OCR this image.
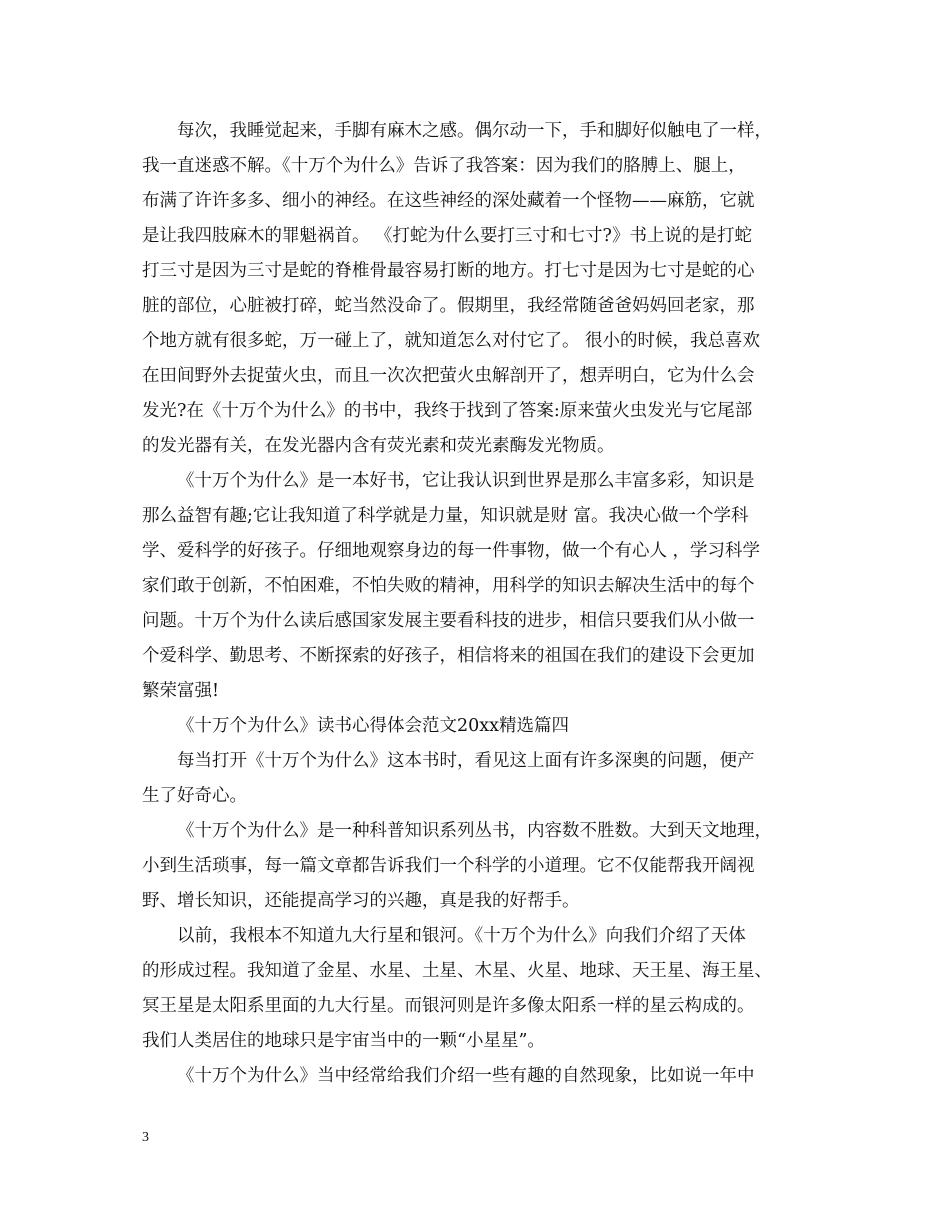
每次，我睡觉起来，手脚有麻木之感。偶尔动一下，手和脚好似触电了一样，

我一直迷惑不解。《十万个为什么》告诉了我答案：因为我们的胳膊上、腿上，

布满了许许多多、细小的神经。在这些神经的深处藏着一个怪物——麻筋，它就

是让我四肢麻木的罪魁祸首。 《打蛇为什么要打三寸和七寸?》书上说的是打蛇

打三寸是因为三寸是蛇的脊椎骨最容易打断的地方。打七寸是因为七寸是蛇的心

脏的部位，心脏被打碎，蛇当然没命了。假期里，我经常随爸爸妈妈回老家，那

个地方就有很多蛇，万一碰上了，就知道怎么对付它了。 很小的时候，我总喜欢

在田间野外去捉萤火虫，而且一次次把萤火虫解剖开了，想弄明白，它为什么会

发光?在《十万个为什么》的书中，我终于找到了答案:原来萤火虫发光与它尾部

的发光器有关，在发光器内含有荧光素和荧光素酶发光物质。

《十万个为什么》是一本好书，它让我认识到世界是那么丰富多彩，知识是

那么益智有趣;它让我知道了科学就是力量，知识就是财 富。我决心做一个学科

学、爱科学的好孩子。仔细地观察身边的每一件事物，做一个有心人 ，学习科学

家们敢于创新，不怕困难，不怕失败的精神，用科学的知识去解决生活中的每个

问题。十万个为什么读后感国家发展主要看科技的进步，相信只要我们从小做一

个爱科学、勤思考、不断探索的好孩子，相信将来的祖国在我们的建设下会更加

繁荣富强!

《十万个为什么》读书心得体会范文20xx精选篇四

每当打开《十万个为什么》这本书时，看见这上面有许多深奥的问题，便产

生了好奇心。

《十万个为什么》是一种科普知识系列丛书，内容数不胜数。大到天文地理，

小到生活琐事，每一篇文章都告诉我们一个科学的小道理。它不仅能帮我开阔视

野、增长知识，还能提高学习的兴趣，真是我的好帮手。

以前，我根本不知道九大行星和银河。《十万个为什么》向我们介绍了天体

的形成过程。我知道了金星、水星、土星、木星、火星、地球、天王星、海王星、

冥王星是太阳系里面的九大行星。而银河则是许多像太阳系一样的星云构成的。

我们人类居住的地球只是宇宙当中的一颗“小星星”。

《十万个为什么》当中经常给我们介绍一些有趣的自然现象，比如说一年中

3
